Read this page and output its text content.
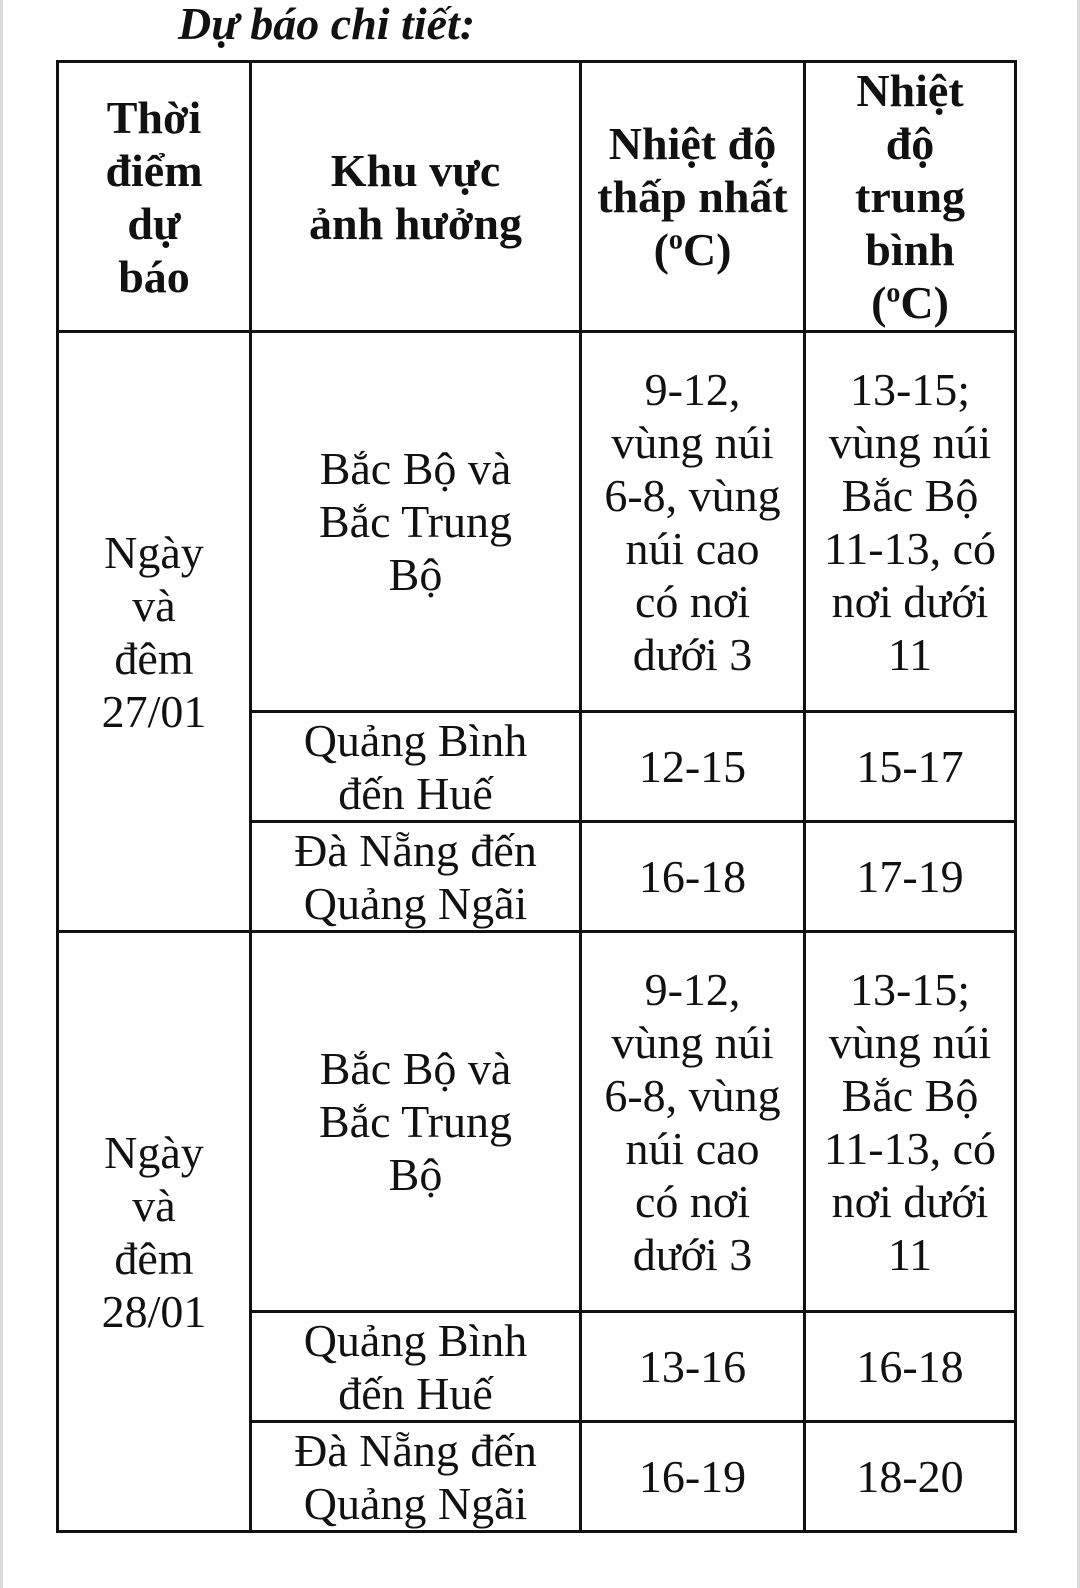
Dự báo chi tiết:
Thời điểm dự báo	Khu vực ảnh hưởng	Nhiệt độ thấp nhất ($^o$C)	Nhiệt độ trung bình ($^o$C)

Ngày và đêm 27/01	Bắc Bộ và Bắc Trung Bộ	9-12, vùng núi 6-8, vùng núi cao có nơi dưới 3	13-15; vùng núi Bắc Bộ 11-13, có nơi dưới 11

	Quảng Bình đến Huế	12-15	15-17

	Đà Nẵng đến Quảng Ngãi	16-18	17-19

Ngày và đêm 28/01	Bắc Bộ và Bắc Trung Bộ	9-12, vùng núi 6-8, vùng núi cao có nơi dưới 3	13-15; vùng núi Bắc Bộ 11-13, có nơi dưới 11

	Quảng Bình đến Huế	13-16	16-18

	Đà Nẵng đến Quảng Ngãi	16-19	18-20
